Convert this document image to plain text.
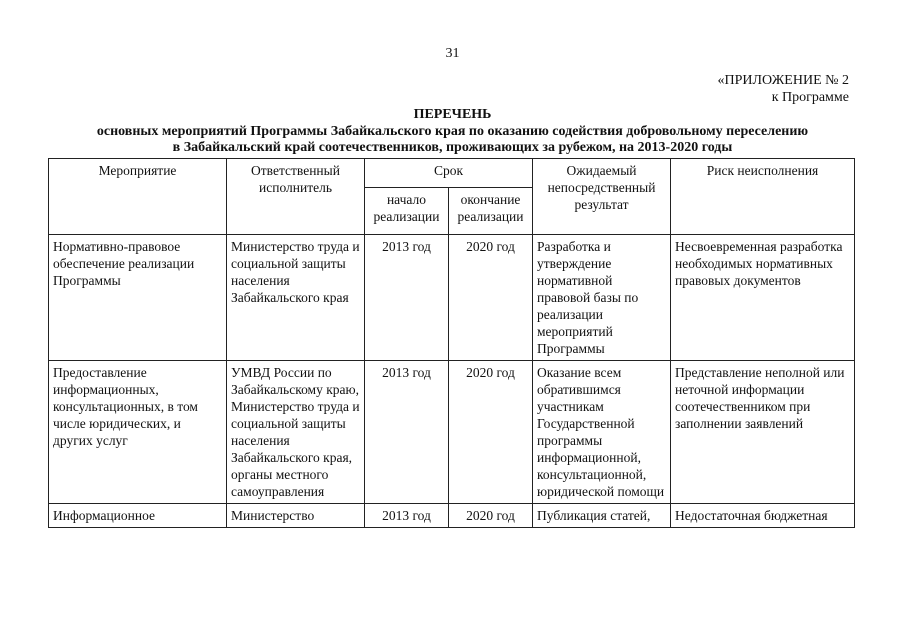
31
«ПРИЛОЖЕНИЕ № 2
к Программе
ПЕРЕЧЕНЬ
основных мероприятий Программы Забайкальского края по оказанию содействия добровольному переселению
в Забайкальский край соотечественников, проживающих за рубежом, на 2013-2020 годы
Мероприятие	Ответственный исполнитель	Срок		Ожидаемый непосредственный результат	Риск неисполнения
		начало реализации	окончание реализации		
Нормативно-правовое обеспечение реализации Программы	Министерство труда и социальной защиты населения Забайкальского края	2013 год	2020 год	Разработка и утверждение нормативной правовой базы по реализации мероприятий Программы	Несвоевременная разработка необходимых нормативных правовых документов
Предоставление информационных, консультационных, в том числе юридических, и других услуг	УМВД России по Забайкальскому краю, Министерство труда и социальной защиты населения Забайкальского края, органы местного самоуправления	2013 год	2020 год	Оказание всем обратившимся участникам Государственной программы информационной, консультационной, юридической помощи	Представление неполной или неточной информации соотечественником при заполнении заявлений
Информационное	Министерство	2013 год	2020 год	Публикация статей,	Недостаточная бюджетная
